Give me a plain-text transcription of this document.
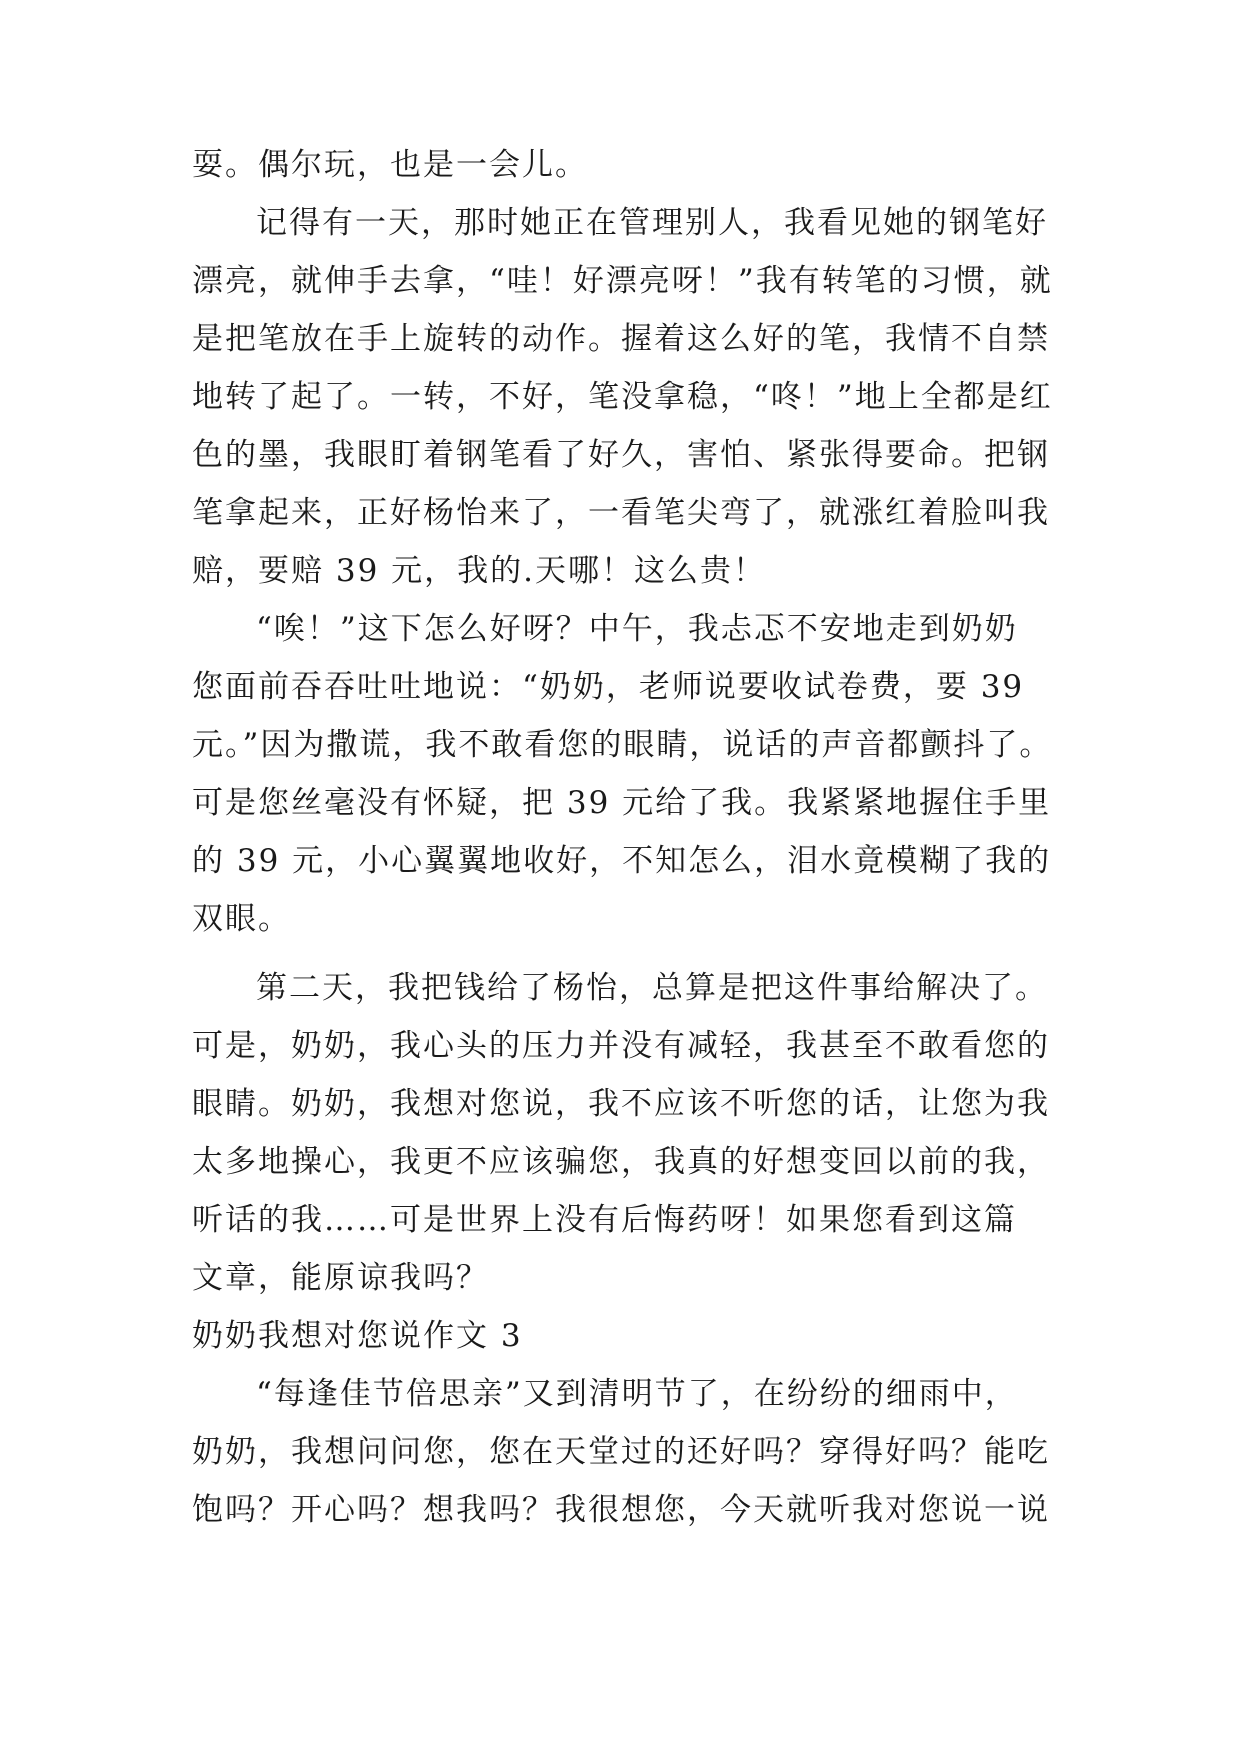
耍。偶尔玩，也是一会儿。
记得有一天，那时她正在管理别人，我看见她的钢笔好
漂亮，就伸手去拿，“哇！好漂亮呀！”我有转笔的习惯，就
是把笔放在手上旋转的动作。握着这么好的笔，我情不自禁
地转了起了。一转，不好，笔没拿稳，“咚！”地上全都是红
色的墨，我眼盯着钢笔看了好久，害怕、紧张得要命。把钢
笔拿起来，正好杨怡来了，一看笔尖弯了，就涨红着脸叫我
赔，要赔 39 元，我的.天哪！这么贵！
“唉！”这下怎么好呀？中午，我忐忑不安地走到奶奶
您面前吞吞吐吐地说：“奶奶，老师说要收试卷费，要 39
元。”因为撒谎，我不敢看您的眼睛，说话的声音都颤抖了。
可是您丝毫没有怀疑，把 39 元给了我。我紧紧地握住手里
的 39 元，小心翼翼地收好，不知怎么，泪水竟模糊了我的
双眼。
第二天，我把钱给了杨怡，总算是把这件事给解决了。
可是，奶奶，我心头的压力并没有减轻，我甚至不敢看您的
眼睛。奶奶，我想对您说，我不应该不听您的话，让您为我
太多地操心，我更不应该骗您，我真的好想变回以前的我，
听话的我……可是世界上没有后悔药呀！如果您看到这篇
文章，能原谅我吗？
奶奶我想对您说作文 3
“每逢佳节倍思亲”又到清明节了，在纷纷的细雨中，
奶奶，我想问问您，您在天堂过的还好吗？穿得好吗？能吃
饱吗？开心吗？想我吗？我很想您，今天就听我对您说一说
